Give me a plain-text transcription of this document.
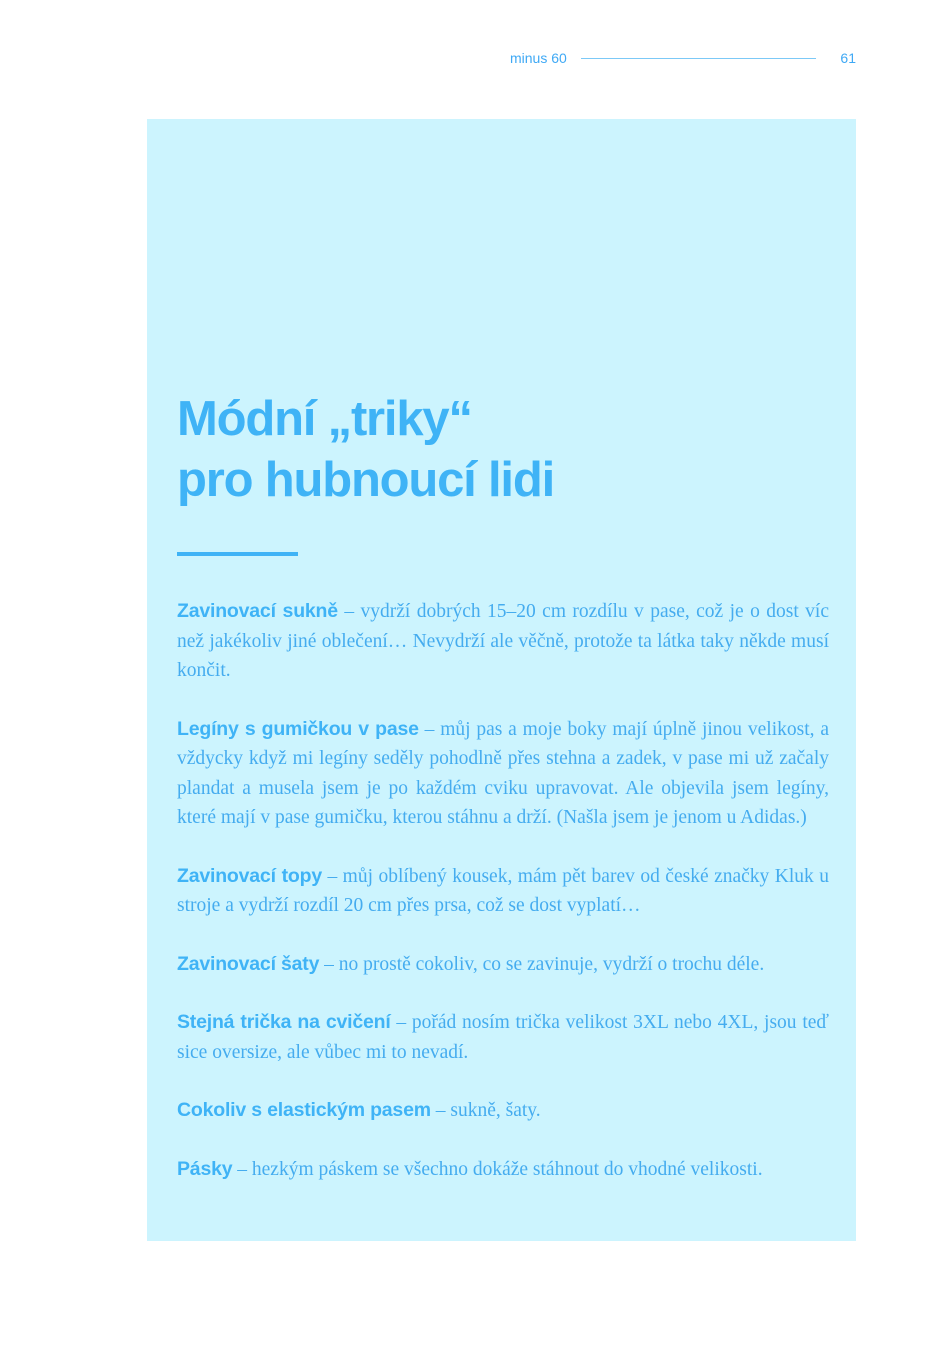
minus 60	61
Módní „triky“
pro hubnoucí lidi

Zavinovací sukně – vydrží dobrých 15–20 cm rozdílu v pase, což je o dost víc než jakékoliv jiné oblečení… Nevydrží ale věčně, protože ta látka taky někde musí končit.

Legíny s gumičkou v pase – můj pas a moje boky mají úplně jinou velikost, a vždycky když mi legíny seděly pohodlně přes stehna a zadek, v pase mi už začaly plandat a musela jsem je po každém cviku upravovat. Ale objevila jsem legíny, které mají v pase gumičku, kterou stáhnu a drží. (Našla jsem je jenom u Adidas.)

Zavinovací topy – můj oblíbený kousek, mám pět barev od české značky Kluk u stroje a vydrží rozdíl 20 cm přes prsa, což se dost vyplatí…

Zavinovací šaty – no prostě cokoliv, co se zavinuje, vydrží o trochu déle.

Stejná trička na cvičení – pořád nosím trička velikost 3XL nebo 4XL, jsou teď sice oversize, ale vůbec mi to nevadí.

Cokoliv s elastickým pasem – sukně, šaty.

Pásky – hezkým páskem se všechno dokáže stáhnout do vhodné velikosti.
